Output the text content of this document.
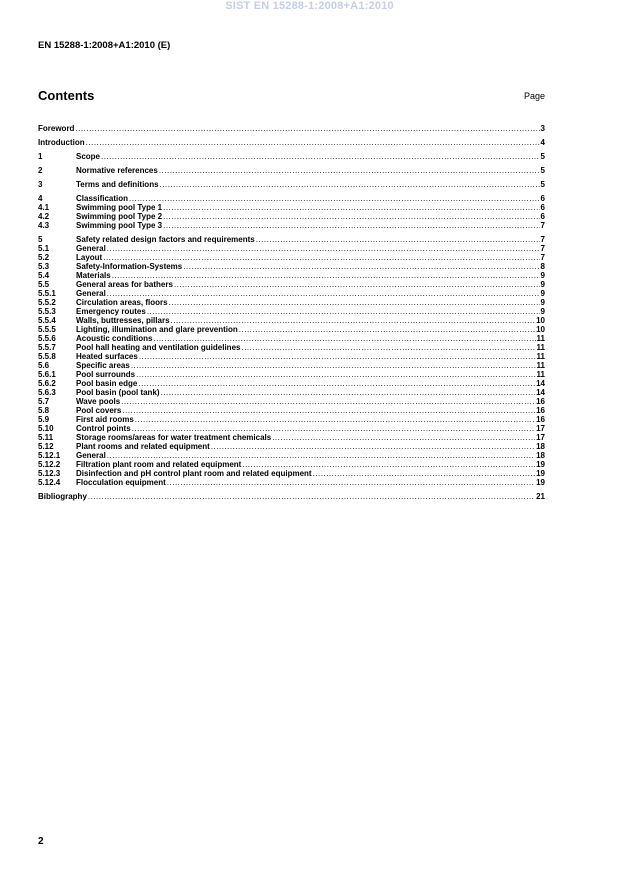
SIST EN 15288-1:2008+A1:2010
EN 15288-1:2008+A1:2010 (E)
Contents	Page
Foreword .....	3
Introduction .....	4
1	Scope .....	5
2	Normative references .....	5
3	Terms and definitions .....	5
4	Classification .....	6
4.1	Swimming pool Type 1 .....	6
4.2	Swimming pool Type 2 .....	6
4.3	Swimming pool Type 3 .....	7
5	Safety related design factors and requirements .....	7
5.1	General .....	7
5.2	Layout .....	7
5.3	Safety-Information-Systems .....	8
5.4	Materials .....	9
5.5	General areas for bathers .....	9
5.5.1	General .....	9
5.5.2	Circulation areas, floors .....	9
5.5.3	Emergency routes .....	9
5.5.4	Walls, buttresses, pillars .....	10
5.5.5	Lighting, illumination and glare prevention .....	10
5.5.6	Acoustic conditions .....	11
5.5.7	Pool hall heating and ventilation guidelines .....	11
5.5.8	Heated surfaces .....	11
5.6	Specific areas .....	11
5.6.1	Pool surrounds .....	11
5.6.2	Pool basin edge .....	14
5.6.3	Pool basin (pool tank) .....	14
5.7	Wave pools .....	16
5.8	Pool covers .....	16
5.9	First aid rooms .....	16
5.10	Control points .....	17
5.11	Storage rooms/areas for water treatment chemicals .....	17
5.12	Plant rooms and related equipment .....	18
5.12.1	General .....	18
5.12.2	Filtration plant room and related equipment .....	19
5.12.3	Disinfection and pH control plant room and related equipment .....	19
5.12.4	Flocculation equipment .....	19
Bibliography .....	21
2
